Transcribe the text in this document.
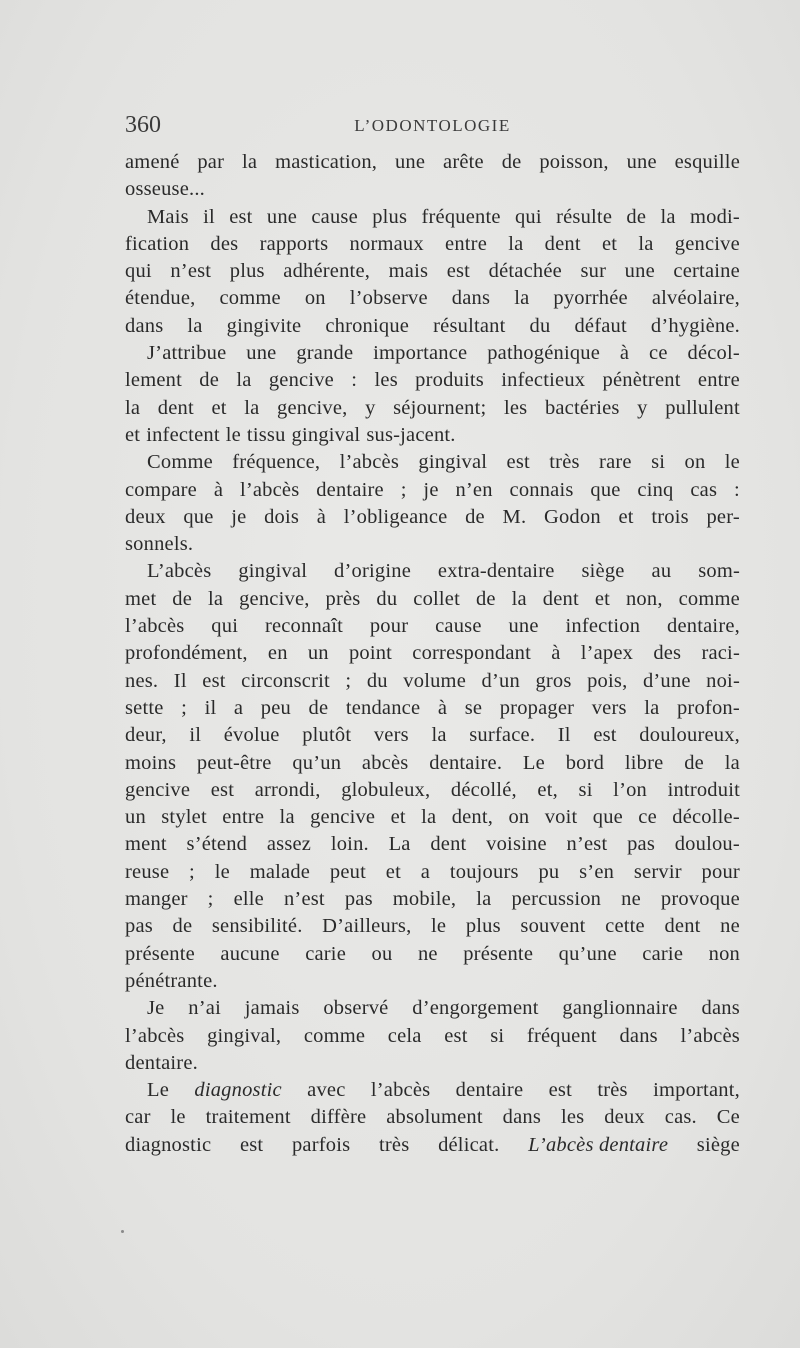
360	L’ODONTOLOGIE
amené par la mastication, une arête de poisson, une esquille
osseuse...
Mais il est une cause plus fréquente qui résulte de la modi-
fication des rapports normaux entre la dent et la gencive
qui n’est plus adhérente, mais est détachée sur une certaine
étendue, comme on l’observe dans la pyorrhée alvéolaire,
dans la gingivite chronique résultant du défaut d’hygiène.
J’attribue une grande importance pathogénique à ce décol-
lement de la gencive : les produits infectieux pénètrent entre
la dent et la gencive, y séjournent; les bactéries y pullulent
et infectent le tissu gingival sus-jacent.
Comme fréquence, l’abcès gingival est très rare si on le
compare à l’abcès dentaire ; je n’en connais que cinq cas :
deux que je dois à l’obligeance de M. Godon et trois per-
sonnels.
L’abcès gingival d’origine extra-dentaire siège au som-
met de la gencive, près du collet de la dent et non, comme
l’abcès qui reconnaît pour cause une infection dentaire,
profondément, en un point correspondant à l’apex des raci-
nes. Il est circonscrit ; du volume d’un gros pois, d’une noi-
sette ; il a peu de tendance à se propager vers la profon-
deur, il évolue plutôt vers la surface. Il est douloureux,
moins peut-être qu’un abcès dentaire. Le bord libre de la
gencive est arrondi, globuleux, décollé, et, si l’on introduit
un stylet entre la gencive et la dent, on voit que ce décolle-
ment s’étend assez loin. La dent voisine n’est pas doulou-
reuse ; le malade peut et a toujours pu s’en servir pour
manger ; elle n’est pas mobile, la percussion ne provoque
pas de sensibilité. D’ailleurs, le plus souvent cette dent ne
présente aucune carie ou ne présente qu’une carie non
pénétrante.
Je n’ai jamais observé d’engorgement ganglionnaire dans
l’abcès gingival, comme cela est si fréquent dans l’abcès
dentaire.
Le diagnostic avec l’abcès dentaire est très important,
car le traitement diffère absolument dans les deux cas. Ce
diagnostic est parfois très délicat. L’abcès dentaire siège
